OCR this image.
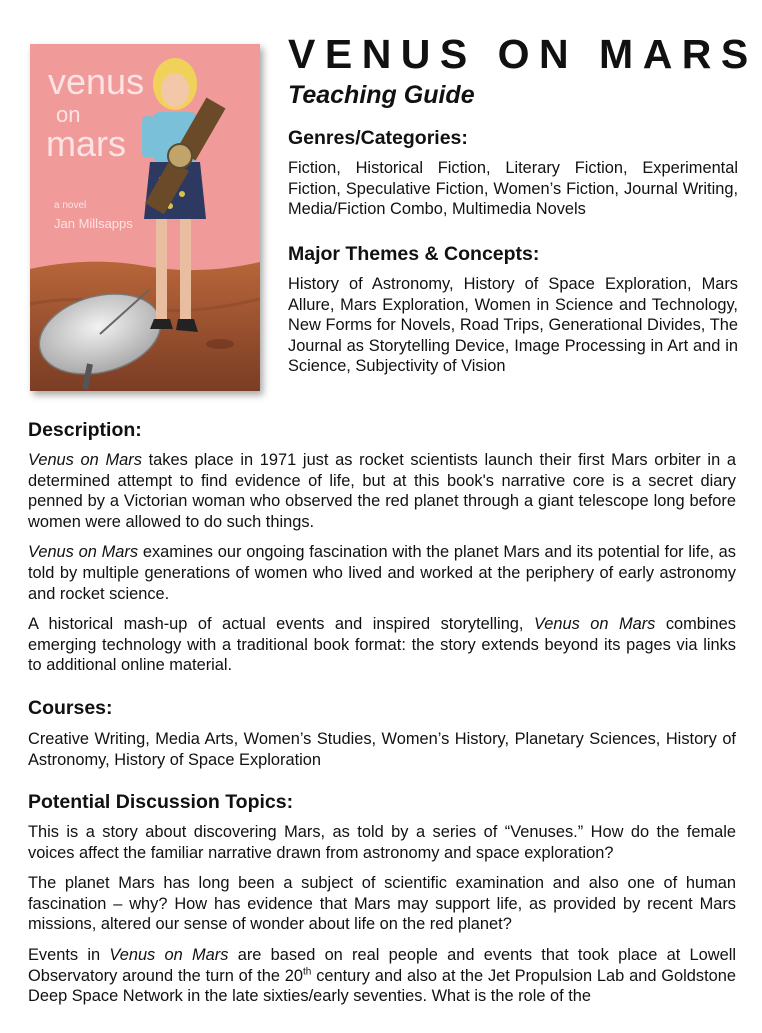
venus
on
mars
a novel
Jan Millsapps
VENUS ON MARS
Teaching Guide
Genres/Categories:

Fiction, Historical Fiction, Literary Fiction, Experimental Fiction, Speculative Fiction, Women’s Fiction, Journal Writing, Media/Fiction Combo, Multimedia Novels

Major Themes & Concepts:

History of Astronomy, History of Space Exploration, Mars Allure, Mars Exploration, Women in Science and Technology, New Forms for Novels, Road Trips, Generational Divides, The Journal as Storytelling Device, Image Processing in Art and in Science, Subjectivity of Vision

Description:

Venus on Mars takes place in 1971 just as rocket scientists launch their first Mars orbiter in a determined attempt to find evidence of life, but at this book's narrative core is a secret diary penned by a Victorian woman who observed the red planet through a giant telescope long before women were allowed to do such things.

Venus on Mars examines our ongoing fascination with the planet Mars and its potential for life, as told by multiple generations of women who lived and worked at the periphery of early astronomy and rocket science.

A historical mash-up of actual events and inspired storytelling, Venus on Mars combines emerging technology with a traditional book format: the story extends beyond its pages via links to additional online material.

Courses:

Creative Writing, Media Arts, Women’s Studies, Women’s History, Planetary Sciences, History of Astronomy, History of Space Exploration

Potential Discussion Topics:

This is a story about discovering Mars, as told by a series of “Venuses.” How do the female voices affect the familiar narrative drawn from astronomy and space exploration?

The planet Mars has long been a subject of scientific examination and also one of human fascination – why? How has evidence that Mars may support life, as provided by recent Mars missions, altered our sense of wonder about life on the red planet?

Events in Venus on Mars are based on real people and events that took place at Lowell Observatory around the turn of the 20th century and also at the Jet Propulsion Lab and Goldstone Deep Space Network in the late sixties/early seventies. What is the role of the
